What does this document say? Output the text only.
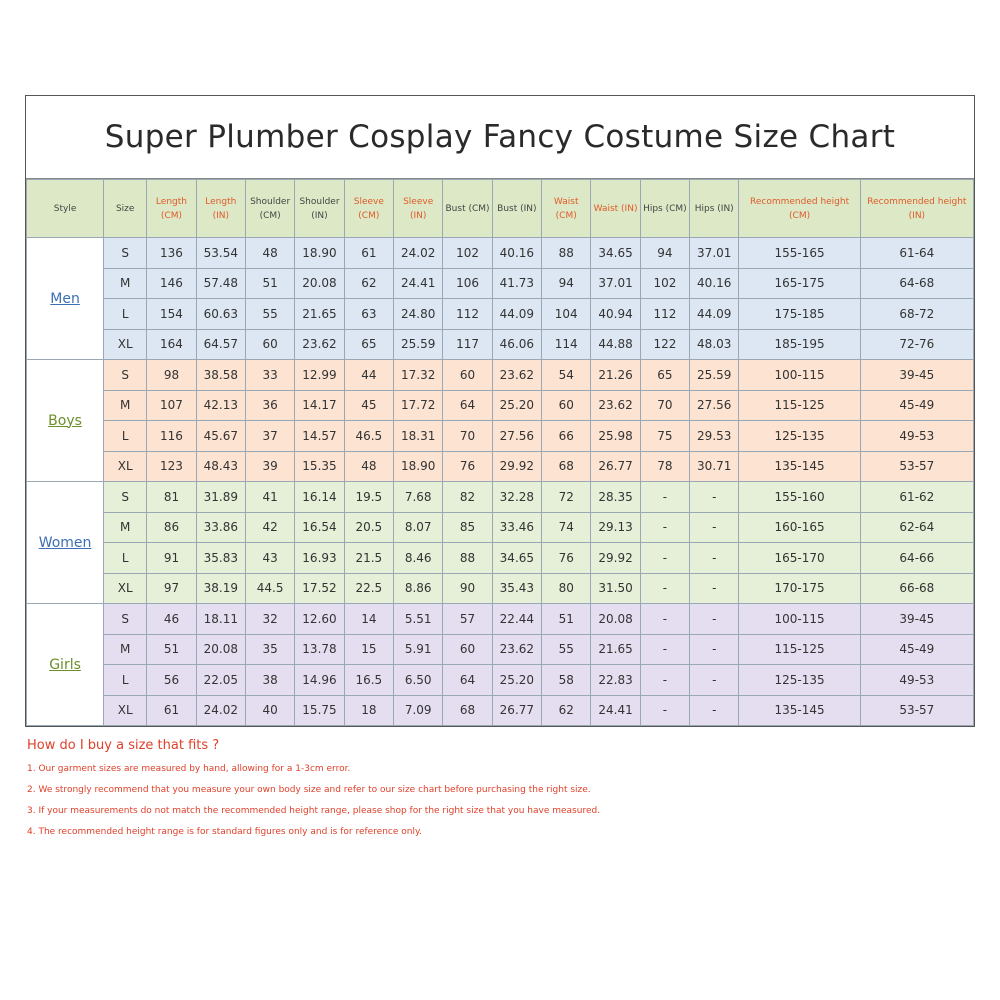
Super Plumber Cosplay Fancy Costume Size Chart
Style	Size	Length (CM)	Length (IN)	Shoulder (CM)	Shoulder (IN)	Sleeve (CM)	Sleeve (IN)	Bust (CM)	Bust (IN)	Waist (CM)	Waist (IN)	Hips (CM)	Hips (IN)	Recommended height (CM)	Recommended height (IN)
Men	S	136	53.54	48	18.90	61	24.02	102	40.16	88	34.65	94	37.01	155-165	61-64
	M	146	57.48	51	20.08	62	24.41	106	41.73	94	37.01	102	40.16	165-175	64-68
	L	154	60.63	55	21.65	63	24.80	112	44.09	104	40.94	112	44.09	175-185	68-72
	XL	164	64.57	60	23.62	65	25.59	117	46.06	114	44.88	122	48.03	185-195	72-76
Boys	S	98	38.58	33	12.99	44	17.32	60	23.62	54	21.26	65	25.59	100-115	39-45
	M	107	42.13	36	14.17	45	17.72	64	25.20	60	23.62	70	27.56	115-125	45-49
	L	116	45.67	37	14.57	46.5	18.31	70	27.56	66	25.98	75	29.53	125-135	49-53
	XL	123	48.43	39	15.35	48	18.90	76	29.92	68	26.77	78	30.71	135-145	53-57
Women	S	81	31.89	41	16.14	19.5	7.68	82	32.28	72	28.35	-	-	155-160	61-62
	M	86	33.86	42	16.54	20.5	8.07	85	33.46	74	29.13	-	-	160-165	62-64
	L	91	35.83	43	16.93	21.5	8.46	88	34.65	76	29.92	-	-	165-170	64-66
	XL	97	38.19	44.5	17.52	22.5	8.86	90	35.43	80	31.50	-	-	170-175	66-68
Girls	S	46	18.11	32	12.60	14	5.51	57	22.44	51	20.08	-	-	100-115	39-45
	M	51	20.08	35	13.78	15	5.91	60	23.62	55	21.65	-	-	115-125	45-49
	L	56	22.05	38	14.96	16.5	6.50	64	25.20	58	22.83	-	-	125-135	49-53
	XL	61	24.02	40	15.75	18	7.09	68	26.77	62	24.41	-	-	135-145	53-57
How do I buy a size that fits ?
1. Our garment sizes are measured by hand, allowing for a 1-3cm error.
2. We strongly recommend that you measure your own body size and refer to our size chart before purchasing the right size.
3. If your measurements do not match the recommended height range, please shop for the right size that you have measured.
4. The recommended height range is for standard figures only and is for reference only.
